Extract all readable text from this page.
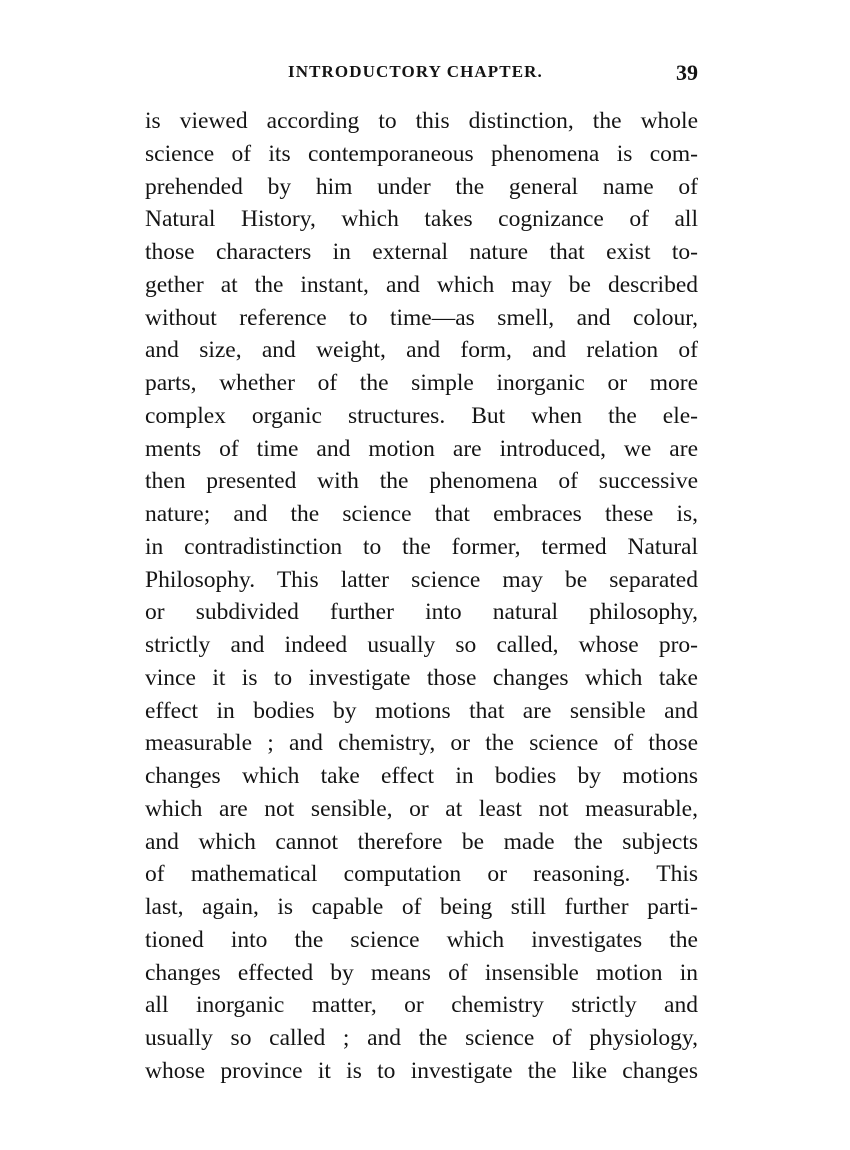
INTRODUCTORY CHAPTER.	39
is viewed according to this distinction, the whole
science of its contemporaneous phenomena is com-
prehended by him under the general name of
Natural History, which takes cognizance of all
those characters in external nature that exist to-
gether at the instant, and which may be described
without reference to time—as smell, and colour,
and size, and weight, and form, and relation of
parts, whether of the simple inorganic or more
complex organic structures. But when the ele-
ments of time and motion are introduced, we are
then presented with the phenomena of successive
nature; and the science that embraces these is,
in contradistinction to the former, termed Natural
Philosophy. This latter science may be separated
or subdivided further into natural philosophy,
strictly and indeed usually so called, whose pro-
vince it is to investigate those changes which take
effect in bodies by motions that are sensible and
measurable ; and chemistry, or the science of those
changes which take effect in bodies by motions
which are not sensible, or at least not measurable,
and which cannot therefore be made the subjects
of mathematical computation or reasoning. This
last, again, is capable of being still further parti-
tioned into the science which investigates the
changes effected by means of insensible motion in
all inorganic matter, or chemistry strictly and
usually so called ; and the science of physiology,
whose province it is to investigate the like changes
